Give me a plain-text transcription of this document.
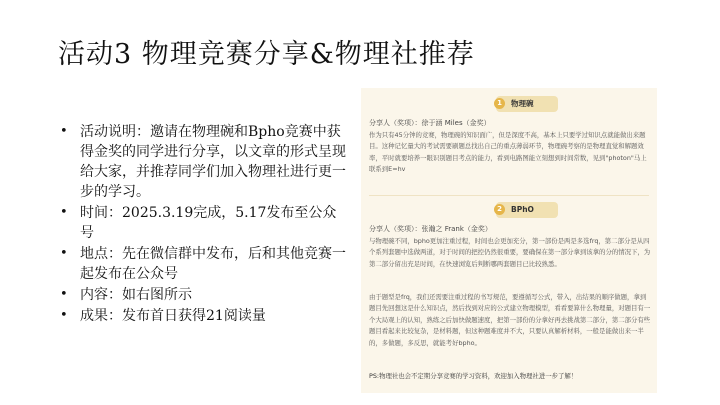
活动3 物理竞赛分享&物理社推荐
• 活动说明：邀请在物理碗和Bpho竞赛中获得金奖的同学进行分享，以文章的形式呈现给大家，并推荐同学们加入物理社进行更一步的学习。
• 时间：2025.3.19完成，5.17发布至公众号
• 地点：先在微信群中发布，后和其他竞赛一起发布在公众号
• 内容：如右图所示
• 成果：发布首日获得21阅读量
1	物理碗
分享人（奖项）：徐于涵 Miles（金奖）

作为只有45分钟的竞赛，物理碗的知识面广，但是深度不高，基本上只要学过知识点就能做出来题目。这种记忆量大的考试需要刷题总找出自己的重点薄弱环节，物理碗考察的是物理直觉和解题效率，平时就要培养一眼识别题目考点的能力，看到电路图能立刻想到时间常数，见到"photon"马上联系到E=hv

2	BPhO
分享人（奖项）：张瀚之 Frank（金奖）

与物理碗不同，bpho更加注重过程，时间也会更加充分，第一部份是两是多选frq，第二部分是从四个系列套题中选做两道，对于时间的把控仍然很重要，要确保在第一部分拿到该拿的分的情况下，为第二部分留出充足时间，在快速浏览后判断哪两套题目已比较熟悉。

由于题型是frq，我们还需要注重过程的书写规范，要遵循写公式，带入，出结果的顺序做题，拿到题目先回想这是什么知识点，然后找到对应的公式建立物理模型，看看要算什么物理量，对题目有一个大局观上的认知，熟练之后加快做题速度，把第一部份的分拿好再去挑战第二部分，第二部分有些题目看起来比较复杂，是材料题，但这种题难度并不大，只要认真解析材料，一般是能做出来一半的，多做题，多反思，就能考好bpho。

PS:物理社也会不定期分享竞赛的学习资料，欢迎加入物理社进一步了解！
